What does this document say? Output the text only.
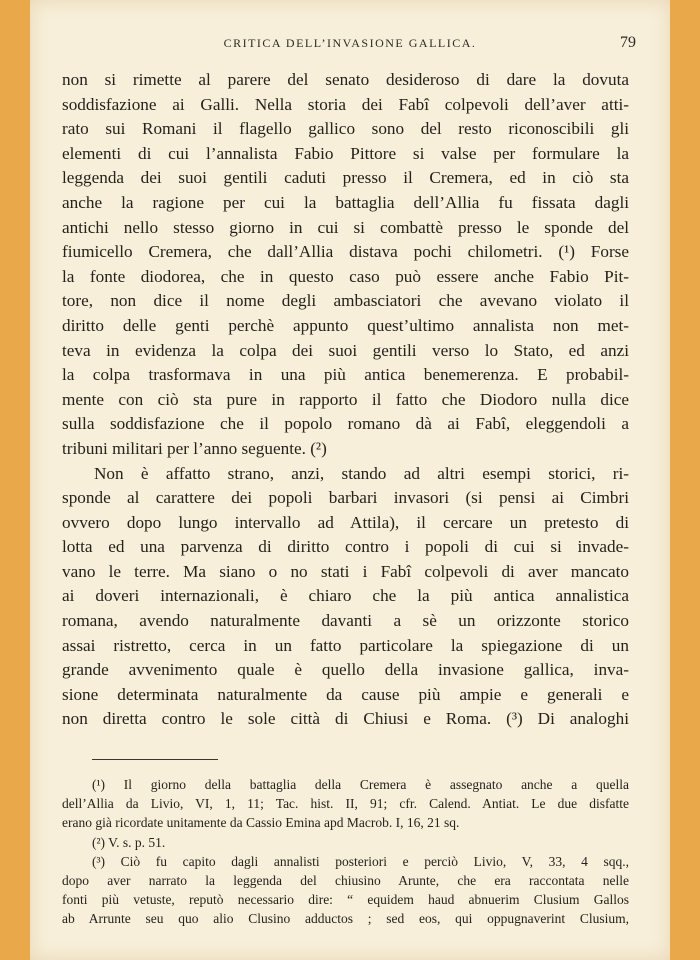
CRITICA DELL’INVASIONE GALLICA.	79
non si rimette al parere del senato desideroso di dare la dovuta
soddisfazione ai Galli. Nella storia dei Fabî colpevoli dell’aver atti-
rato sui Romani il flagello gallico sono del resto riconoscibili gli
elementi di cui l’annalista Fabio Pittore si valse per formulare la
leggenda dei suoi gentili caduti presso il Cremera, ed in ciò sta
anche la ragione per cui la battaglia dell’Allia fu fissata dagli
antichi nello stesso giorno in cui si combattè presso le sponde del
fiumicello Cremera, che dall’Allia distava pochi chilometri. (¹) Forse
la fonte diodorea, che in questo caso può essere anche Fabio Pit-
tore, non dice il nome degli ambasciatori che avevano violato il
diritto delle genti perchè appunto quest’ultimo annalista non met-
teva in evidenza la colpa dei suoi gentili verso lo Stato, ed anzi
la colpa trasformava in una più antica benemerenza. E probabil-
mente con ciò sta pure in rapporto il fatto che Diodoro nulla dice
sulla soddisfazione che il popolo romano dà ai Fabî, eleggendoli a
tribuni militari per l’anno seguente. (²)
Non è affatto strano, anzi, stando ad altri esempi storici, ri-
sponde al carattere dei popoli barbari invasori (si pensi ai Cimbri
ovvero dopo lungo intervallo ad Attila), il cercare un pretesto di
lotta ed una parvenza di diritto contro i popoli di cui si invade-
vano le terre. Ma siano o no stati i Fabî colpevoli di aver mancato
ai doveri internazionali, è chiaro che la più antica annalistica
romana, avendo naturalmente davanti a sè un orizzonte storico
assai ristretto, cerca in un fatto particolare la spiegazione di un
grande avvenimento quale è quello della invasione gallica, inva-
sione determinata naturalmente da cause più ampie e generali e
non diretta contro le sole città di Chiusi e Roma. (³) Di analoghi
(¹) Il giorno della battaglia della Cremera è assegnato anche a quella
dell’Allia da Livio, VI, 1, 11; Tac. hist. II, 91; cfr. Calend. Antiat. Le due disfatte
erano già ricordate unitamente da Cassio Emina apd Macrob. I, 16, 21 sq.
(²) V. s. p. 51.
(³) Ciò fu capito dagli annalisti posteriori e perciò Livio, V, 33, 4 sqq.,
dopo aver narrato la leggenda del chiusino Arunte, che era raccontata nelle
fonti più vetuste, reputò necessario dire: “ equidem haud abnuerim Clusium Gallos
ab Arrunte seu quo alio Clusino adductos ; sed eos, qui oppugnaverint Clusium,
